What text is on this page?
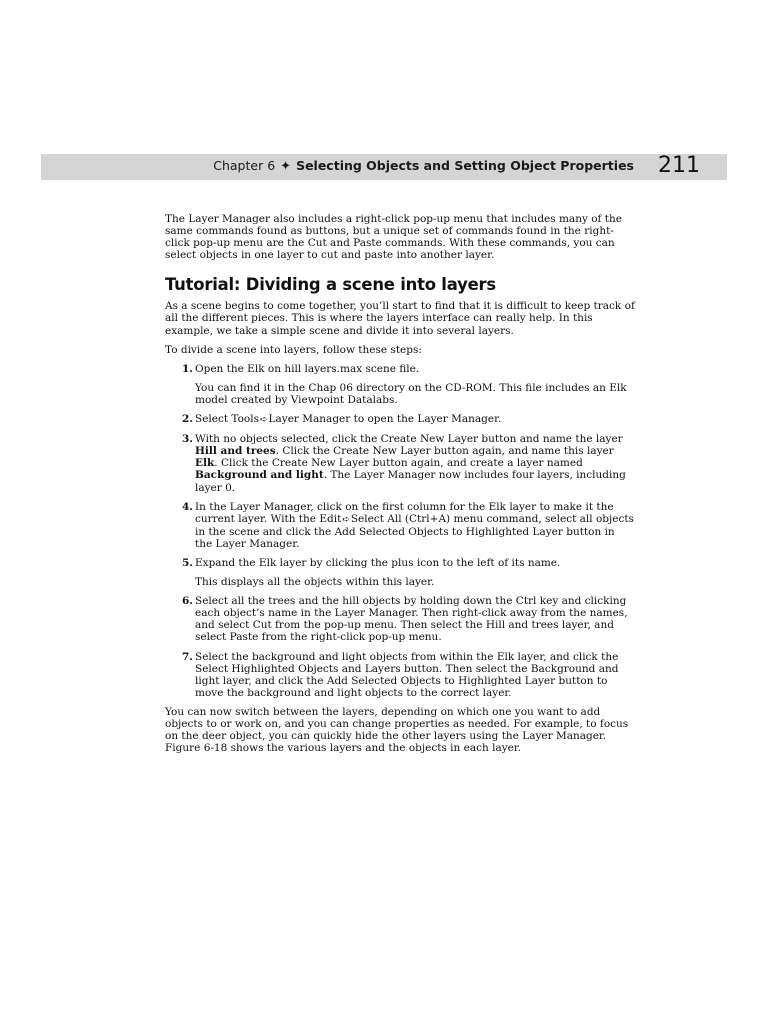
Chapter 6 ✦ Selecting Objects and Setting Object Properties 211

The Layer Manager also includes a right-click pop-up menu that includes many of the same commands found as buttons, but a unique set of commands found in the right-click pop-up menu are the Cut and Paste commands. With these commands, you can select objects in one layer to cut and paste into another layer.

Tutorial: Dividing a scene into layers

As a scene begins to come together, you’ll start to find that it is difficult to keep track of all the different pieces. This is where the layers interface can really help. In this example, we take a simple scene and divide it into several layers.

To divide a scene into layers, follow these steps:

1. Open the Elk on hill layers.max scene file.

You can find it in the Chap 06 directory on the CD-ROM. This file includes an Elk model created by Viewpoint Datalabs.

2. Select Tools➪Layer Manager to open the Layer Manager.
3. With no objects selected, click the Create New Layer button and name the layer Hill and trees. Click the Create New Layer button again, and name this layer Elk. Click the Create New Layer button again, and create a layer named Background and light. The Layer Manager now includes four layers, including layer 0.
4. In the Layer Manager, click on the first column for the Elk layer to make it the current layer. With the Edit➪Select All (Ctrl+A) menu command, select all objects in the scene and click the Add Selected Objects to Highlighted Layer button in the Layer Manager.
5. Expand the Elk layer by clicking the plus icon to the left of its name.

This displays all the objects within this layer.

6. Select all the trees and the hill objects by holding down the Ctrl key and clicking each object’s name in the Layer Manager. Then right-click away from the names, and select Cut from the pop-up menu. Then select the Hill and trees layer, and select Paste from the right-click pop-up menu.
7. Select the background and light objects from within the Elk layer, and click the Select Highlighted Objects and Layers button. Then select the Background and light layer, and click the Add Selected Objects to Highlighted Layer button to move the background and light objects to the correct layer.

You can now switch between the layers, depending on which one you want to add objects to or work on, and you can change properties as needed. For example, to focus on the deer object, you can quickly hide the other layers using the Layer Manager. Figure 6-18 shows the various layers and the objects in each layer.
